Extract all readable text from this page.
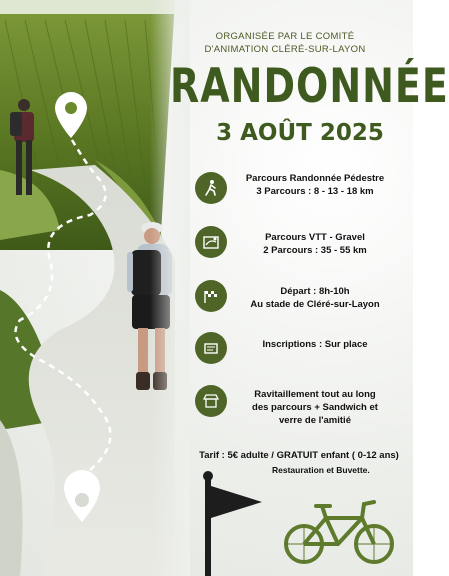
ORGANISÉE PAR LE COMITÉ
D'ANIMATION CLÉRÉ-SUR-LAYON
RANDONNÉE
3 AOÛT 2025
Parcours Randonnée Pédestre
3 Parcours : 8 - 13 - 18 km
Parcours VTT - Gravel
2 Parcours : 35 - 55 km
Départ : 8h-10h
Au stade de Cléré-sur-Layon
Inscriptions : Sur place
Ravitaillement tout au long
des parcours + Sandwich et
verre de l'amitié
Tarif : 5€ adulte / GRATUIT enfant ( 0-12 ans)
Restauration et Buvette.
